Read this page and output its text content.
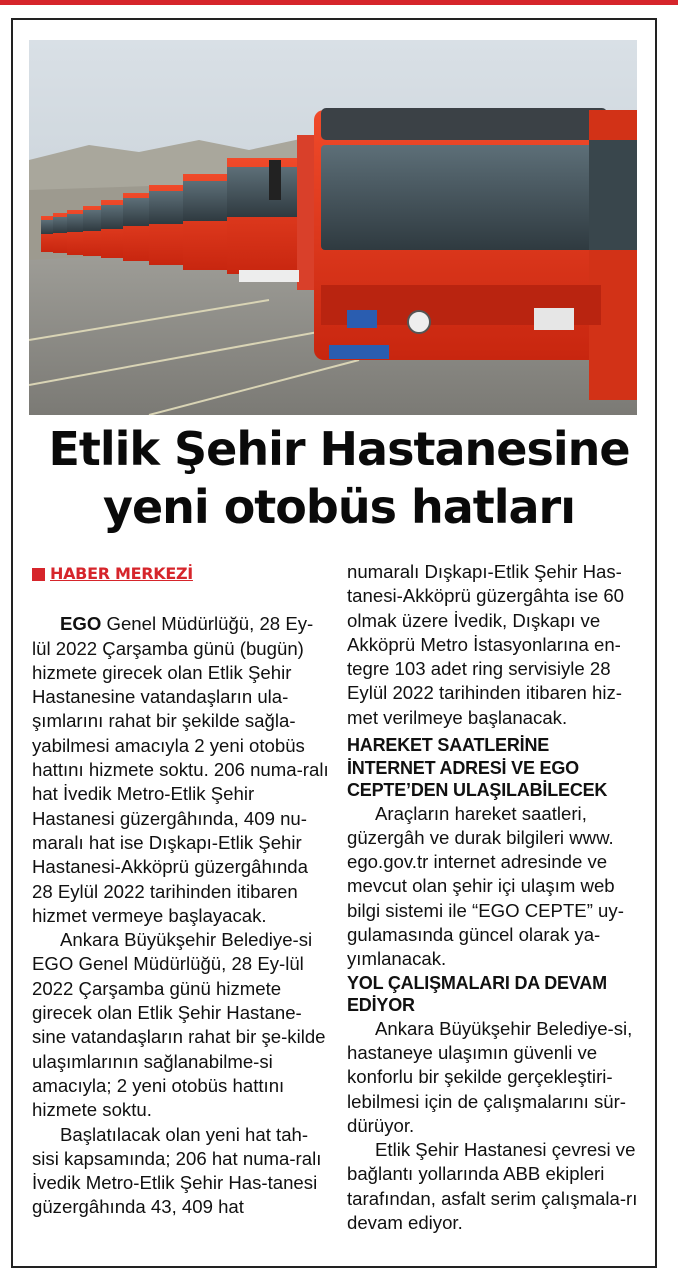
Etlik Şehir Hastanesine
yeni otobüs hatları
HABER MERKEZİ

EGO Genel Müdürlüğü, 28 Ey-lül 2022 Çarşamba günü (bugün) hizmete girecek olan Etlik Şehir Hastanesine vatandaşların ula-şımlarını rahat bir şekilde sağla-yabilmesi amacıyla 2 yeni otobüs hattını hizmete soktu. 206 numa-ralı hat İvedik Metro-Etlik Şehir Hastanesi güzergâhında, 409 nu-maralı hat ise Dışkapı-Etlik Şehir Hastanesi-Akköprü güzergâhında 28 Eylül 2022 tarihinden itibaren hizmet vermeye başlayacak.

Ankara Büyükşehir Belediye-si EGO Genel Müdürlüğü, 28 Ey-lül 2022 Çarşamba günü hizmete girecek olan Etlik Şehir Hastane-sine vatandaşların rahat bir şe-kilde ulaşımlarının sağlanabilme-si amacıyla; 2 yeni otobüs hattını hizmete soktu.

Başlatılacak olan yeni hat tah-sisi kapsamında; 206 hat numa-ralı İvedik Metro-Etlik Şehir Has-tanesi güzergâhında 43, 409 hat

numaralı Dışkapı-Etlik Şehir Has-tanesi-Akköprü güzergâhta ise 60 olmak üzere İvedik, Dışkapı ve Akköprü Metro İstasyonlarına en-tegre 103 adet ring servisiyle 28 Eylül 2022 tarihinden itibaren hiz-met verilmeye başlanacak.

HAREKET SAATLERİNE İNTERNET ADRESİ VE EGO CEPTE’DEN ULAŞILABİLECEK

Araçların hareket saatleri, güzergâh ve durak bilgileri www. ego.gov.tr internet adresinde ve mevcut olan şehir içi ulaşım web bilgi sistemi ile “EGO CEPTE” uy-gulamasında güncel olarak ya-yımlanacak.

YOL ÇALIŞMALARI DA DEVAM EDİYOR

Ankara Büyükşehir Belediye-si, hastaneye ulaşımın güvenli ve konforlu bir şekilde gerçekleştiri-lebilmesi için de çalışmalarını sür-dürüyor.

Etlik Şehir Hastanesi çevresi ve bağlantı yollarında ABB ekipleri tarafından, asfalt serim çalışmala-rı devam ediyor.
